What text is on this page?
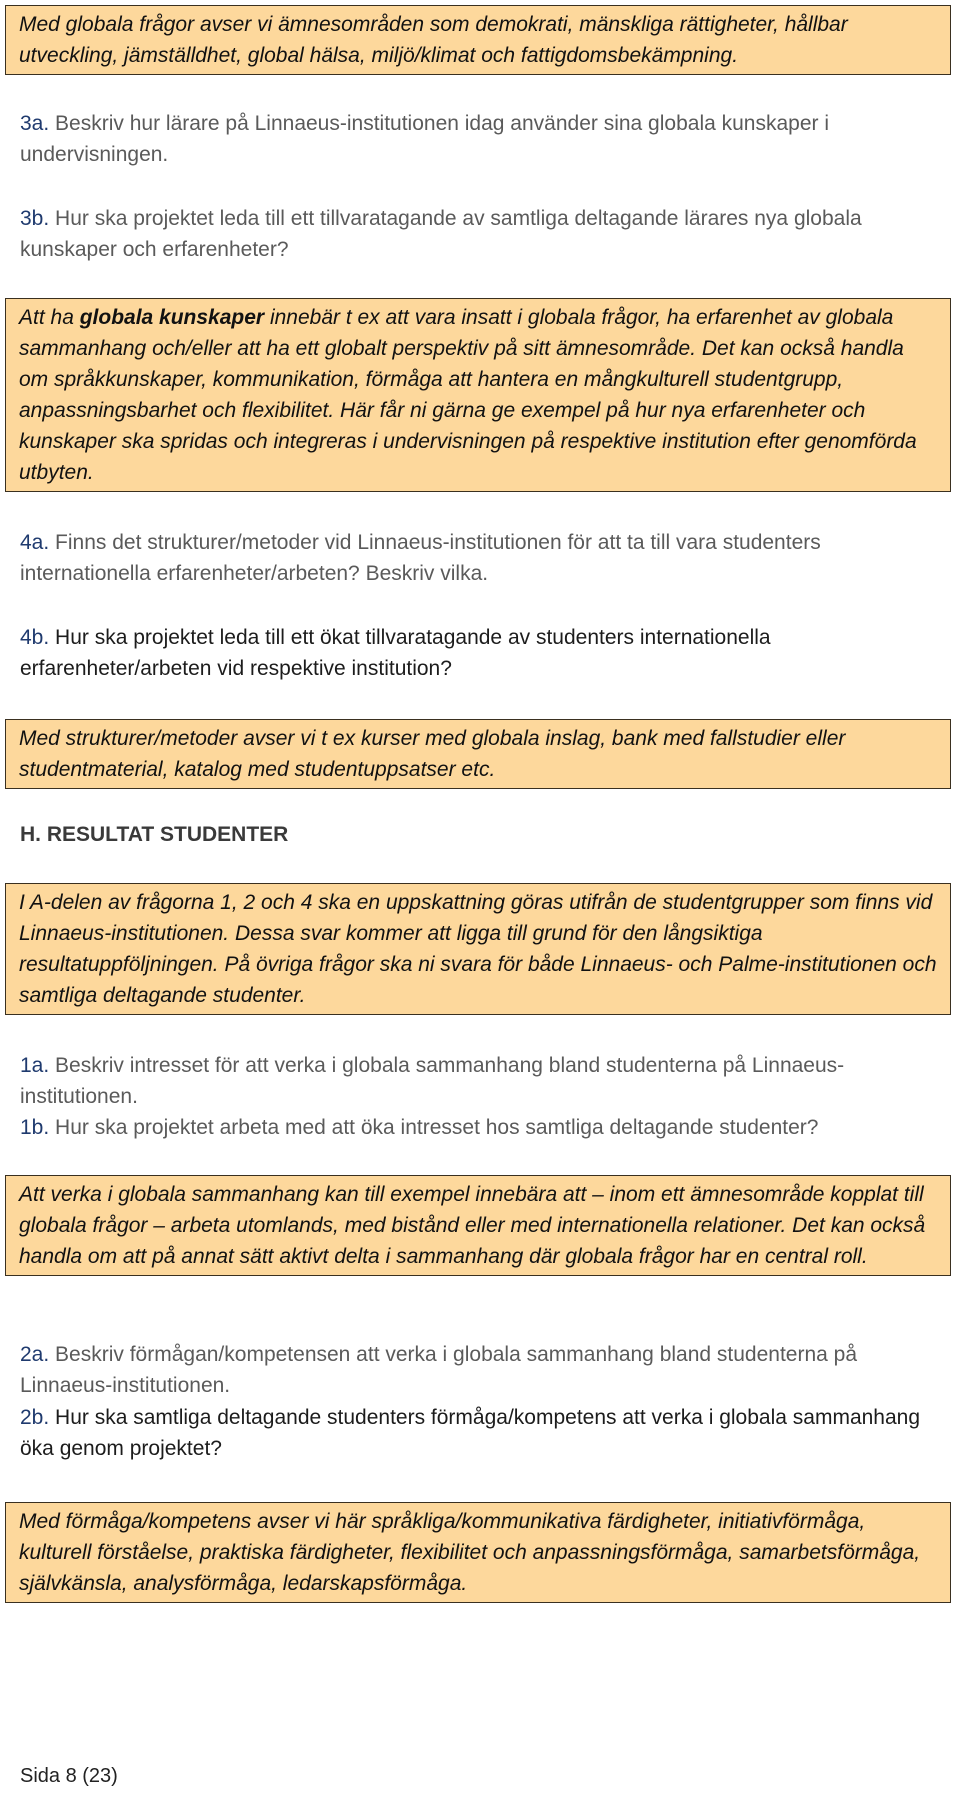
Med globala frågor avser vi ämnesområden som demokrati, mänskliga rättigheter, hållbar utveckling, jämställdhet, global hälsa, miljö/klimat och fattigdomsbekämpning.

3a. Beskriv hur lärare på Linnaeus-institutionen idag använder sina globala kunskaper i undervisningen.

3b. Hur ska projektet leda till ett tillvaratagande av samtliga deltagande lärares nya globala kunskaper och erfarenheter?

Att ha globala kunskaper innebär t ex att vara insatt i globala frågor, ha erfarenhet av globala sammanhang och/eller att ha ett globalt perspektiv på sitt ämnesområde. Det kan också handla om språkkunskaper, kommunikation, förmåga att hantera en mångkulturell studentgrupp, anpassningsbarhet och flexibilitet. Här får ni gärna ge exempel på hur nya erfarenheter och kunskaper ska spridas och integreras i undervisningen på respektive institution efter genomförda utbyten.

4a. Finns det strukturer/metoder vid Linnaeus-institutionen för att ta till vara studenters internationella erfarenheter/arbeten? Beskriv vilka.

4b. Hur ska projektet leda till ett ökat tillvaratagande av studenters internationella erfarenheter/arbeten vid respektive institution?

Med strukturer/metoder avser vi t ex kurser med globala inslag, bank med fallstudier eller studentmaterial, katalog med studentuppsatser etc.

H. RESULTAT STUDENTER

I A-delen av frågorna 1, 2 och 4 ska en uppskattning göras utifrån de studentgrupper som finns vid Linnaeus-institutionen. Dessa svar kommer att ligga till grund för den långsiktiga resultatuppföljningen. På övriga frågor ska ni svara för både Linnaeus- och Palme-institutionen och samtliga deltagande studenter.

1a. Beskriv intresset för att verka i globala sammanhang bland studenterna på Linnaeus-institutionen.

1b. Hur ska projektet arbeta med att öka intresset hos samtliga deltagande studenter?

Att verka i globala sammanhang kan till exempel innebära att – inom ett ämnesområde kopplat till globala frågor – arbeta utomlands, med bistånd eller med internationella relationer. Det kan också handla om att på annat sätt aktivt delta i sammanhang där globala frågor har en central roll.

2a. Beskriv förmågan/kompetensen att verka i globala sammanhang bland studenterna på Linnaeus-institutionen.

2b. Hur ska samtliga deltagande studenters förmåga/kompetens att verka i globala sammanhang öka genom projektet?

Med förmåga/kompetens avser vi här språkliga/kommunikativa färdigheter, initiativförmåga, kulturell förståelse, praktiska färdigheter, flexibilitet och anpassningsförmåga, samarbetsförmåga, självkänsla, analysförmåga, ledarskapsförmåga.

Sida 8 (23)
